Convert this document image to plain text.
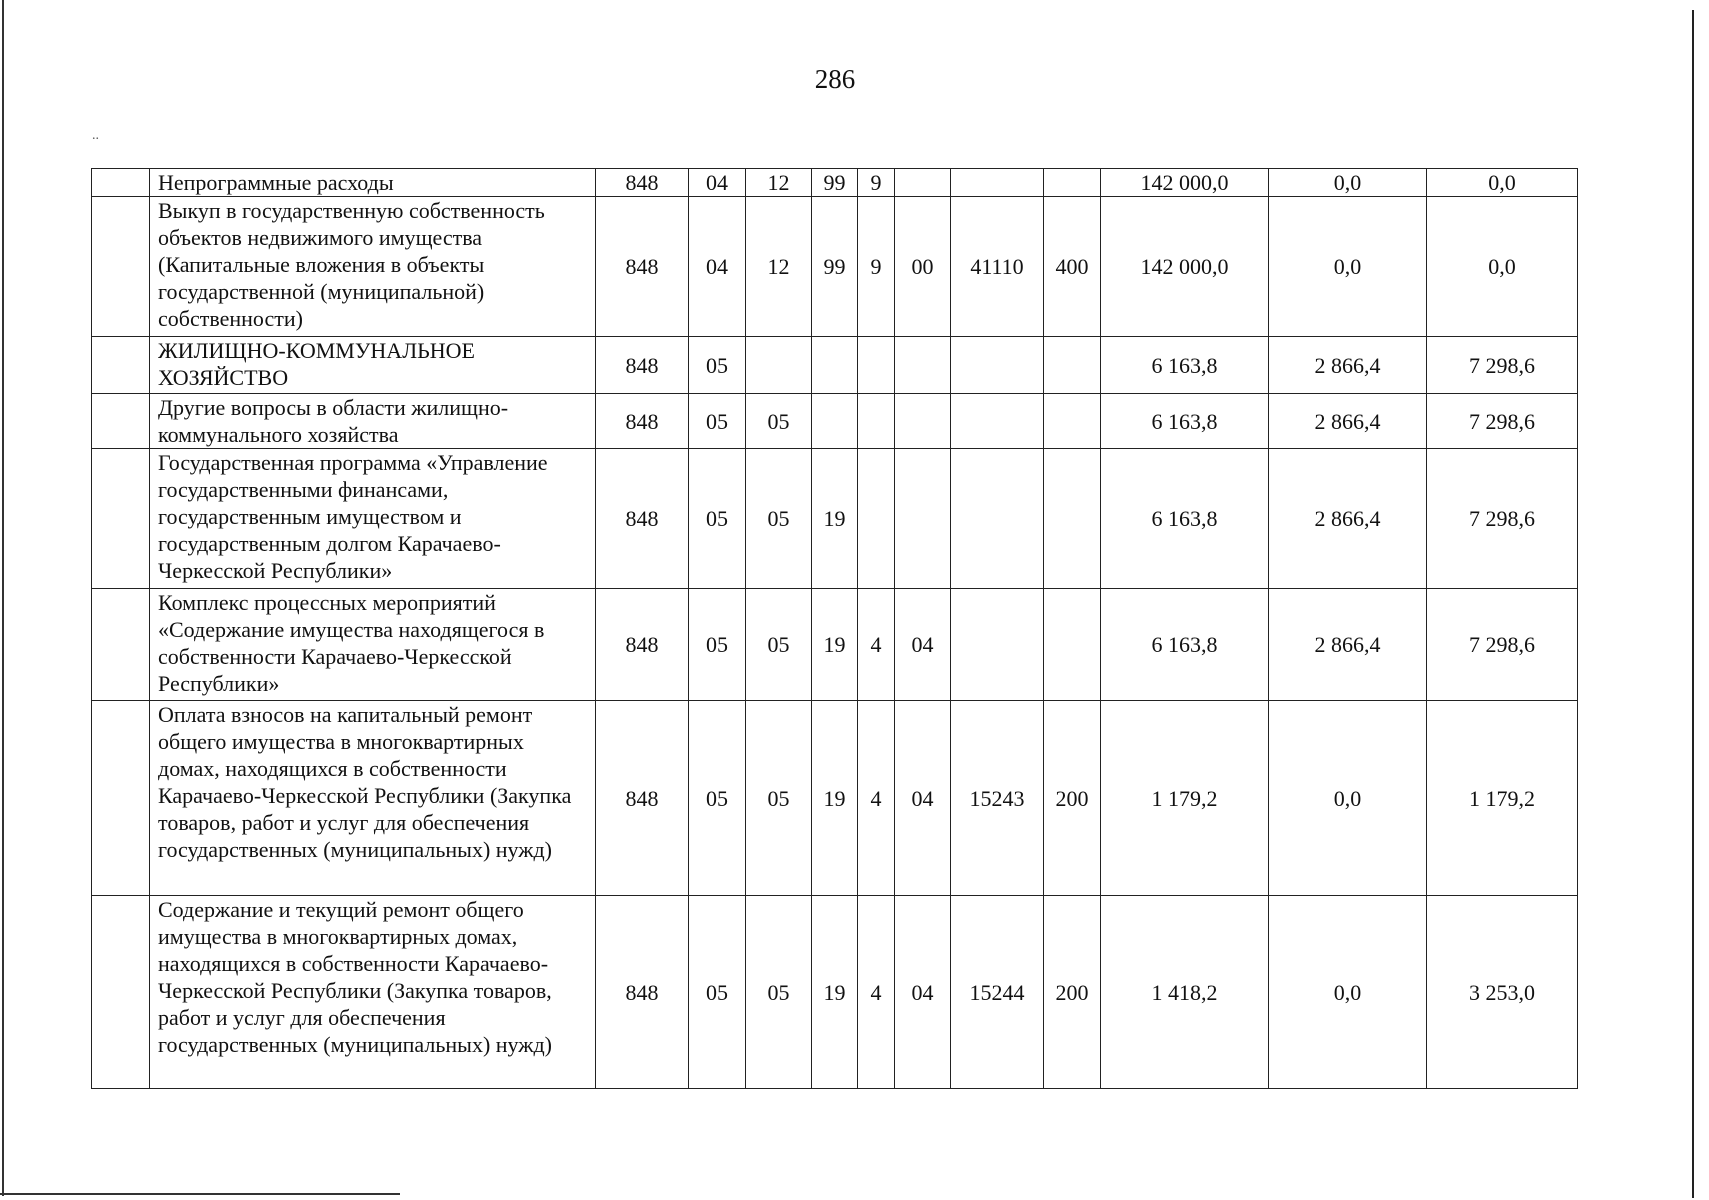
286
..
	Непрограммные расходы	848	04	12	99	9				142 000,0	0,0	0,0
	Выкуп в государственную собственность объектов недвижимого имущества (Капитальные вложения в объекты государственной (муниципальной) собственности)	848	04	12	99	9	00	41110	400	142 000,0	0,0	0,0
	ЖИЛИЩНО-КОММУНАЛЬНОЕ ХОЗЯЙСТВО	848	05							6 163,8	2 866,4	7 298,6
	Другие вопросы в области жилищно-коммунального хозяйства	848	05	05						6 163,8	2 866,4	7 298,6
	Государственная программа «Управление государственными финансами, государственным имуществом и государственным долгом Карачаево-Черкесской Республики»	848	05	05	19					6 163,8	2 866,4	7 298,6
	Комплекс процессных мероприятий «Содержание имущества находящегося в собственности Карачаево-Черкесской Республики»	848	05	05	19	4	04			6 163,8	2 866,4	7 298,6
	Оплата взносов на капитальный ремонт общего имущества в многоквартирных домах, находящихся в собственности Карачаево-Черкесской Республики (Закупка товаров, работ и услуг для обеспечения государственных (муниципальных) нужд)	848	05	05	19	4	04	15243	200	1 179,2	0,0	1 179,2
	Содержание и текущий ремонт общего имущества в многоквартирных домах, находящихся в собственности Карачаево-Черкесской Республики (Закупка товаров, работ и услуг для обеспечения государственных (муниципальных) нужд)	848	05	05	19	4	04	15244	200	1 418,2	0,0	3 253,0
